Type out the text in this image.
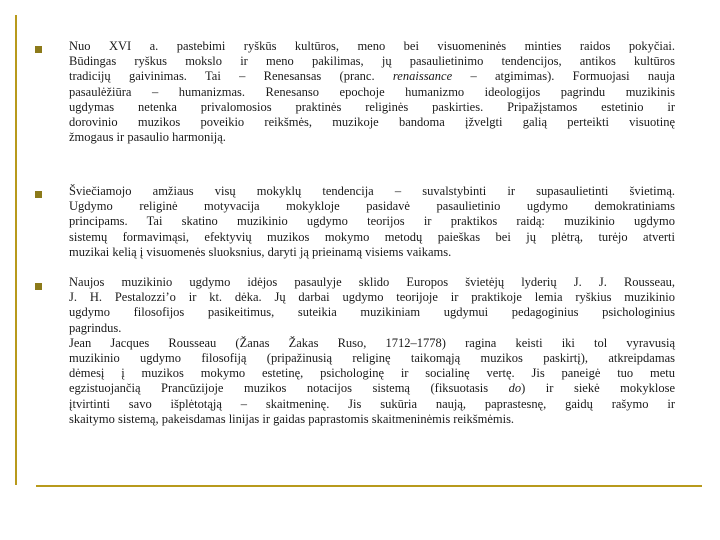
Nuo XVI a. pastebimi ryškūs kultūros, meno bei visuomeninės minties raidos pokyčiai.
Būdingas ryškus mokslo ir meno pakilimas, jų pasaulietinimo tendencijos, antikos kultūros
tradicijų gaivinimas. Tai – Renesansas (pranc. renaissance – atgimimas). Formuojasi nauja
pasaulėžiūra – humanizmas. Renesanso epochoje humanizmo ideologijos pagrindu muzikinis
ugdymas netenka privalomosios praktinės religinės paskirties. Pripažįstamos estetinio ir
dorovinio muzikos poveikio reikšmės, muzikoje bandoma įžvelgti galią perteikti visuotinę
žmogaus ir pasaulio harmoniją.

Šviečiamojo amžiaus visų mokyklų tendencija – suvalstybinti ir supasaulietinti švietimą.
Ugdymo religinė motyvacija mokykloje pasidavė pasaulietinio ugdymo demokratiniams
principams. Tai skatino muzikinio ugdymo teorijos ir praktikos raidą: muzikinio ugdymo
sistemų formavimąsi, efektyvių muzikos mokymo metodų paieškas bei jų plėtrą, turėjo atverti
muzikai kelią į visuomenės sluoksnius, daryti ją prieinamą visiems vaikams.

Naujos muzikinio ugdymo idėjos pasaulyje sklido Europos švietėjų lyderių J. J. Rousseau,
J. H. Pestalozzi’o ir kt. dėka. Jų darbai ugdymo teorijoje ir praktikoje lemia ryškius muzikinio
ugdymo filosofijos pasikeitimus, suteikia muzikiniam ugdymui pedagoginius psichologinius
pagrindus.
Jean Jacques Rousseau (Žanas Žakas Ruso, 1712–1778) ragina keisti iki tol vyravusią
muzikinio ugdymo filosofiją (pripažinusią religinę taikomąją muzikos paskirtį), atkreipdamas
dėmesį į muzikos mokymo estetinę, psichologinę ir socialinę vertę. Jis paneigė tuo metu
egzistuojančią Prancūzijoje muzikos notacijos sistemą (fiksuotasis do) ir siekė mokyklose
įtvirtinti savo išplėtotąją – skaitmeninę. Jis sukūria naują, paprastesnę, gaidų rašymo ir
skaitymo sistemą, pakeisdamas linijas ir gaidas paprastomis skaitmeninėmis reikšmėmis.
